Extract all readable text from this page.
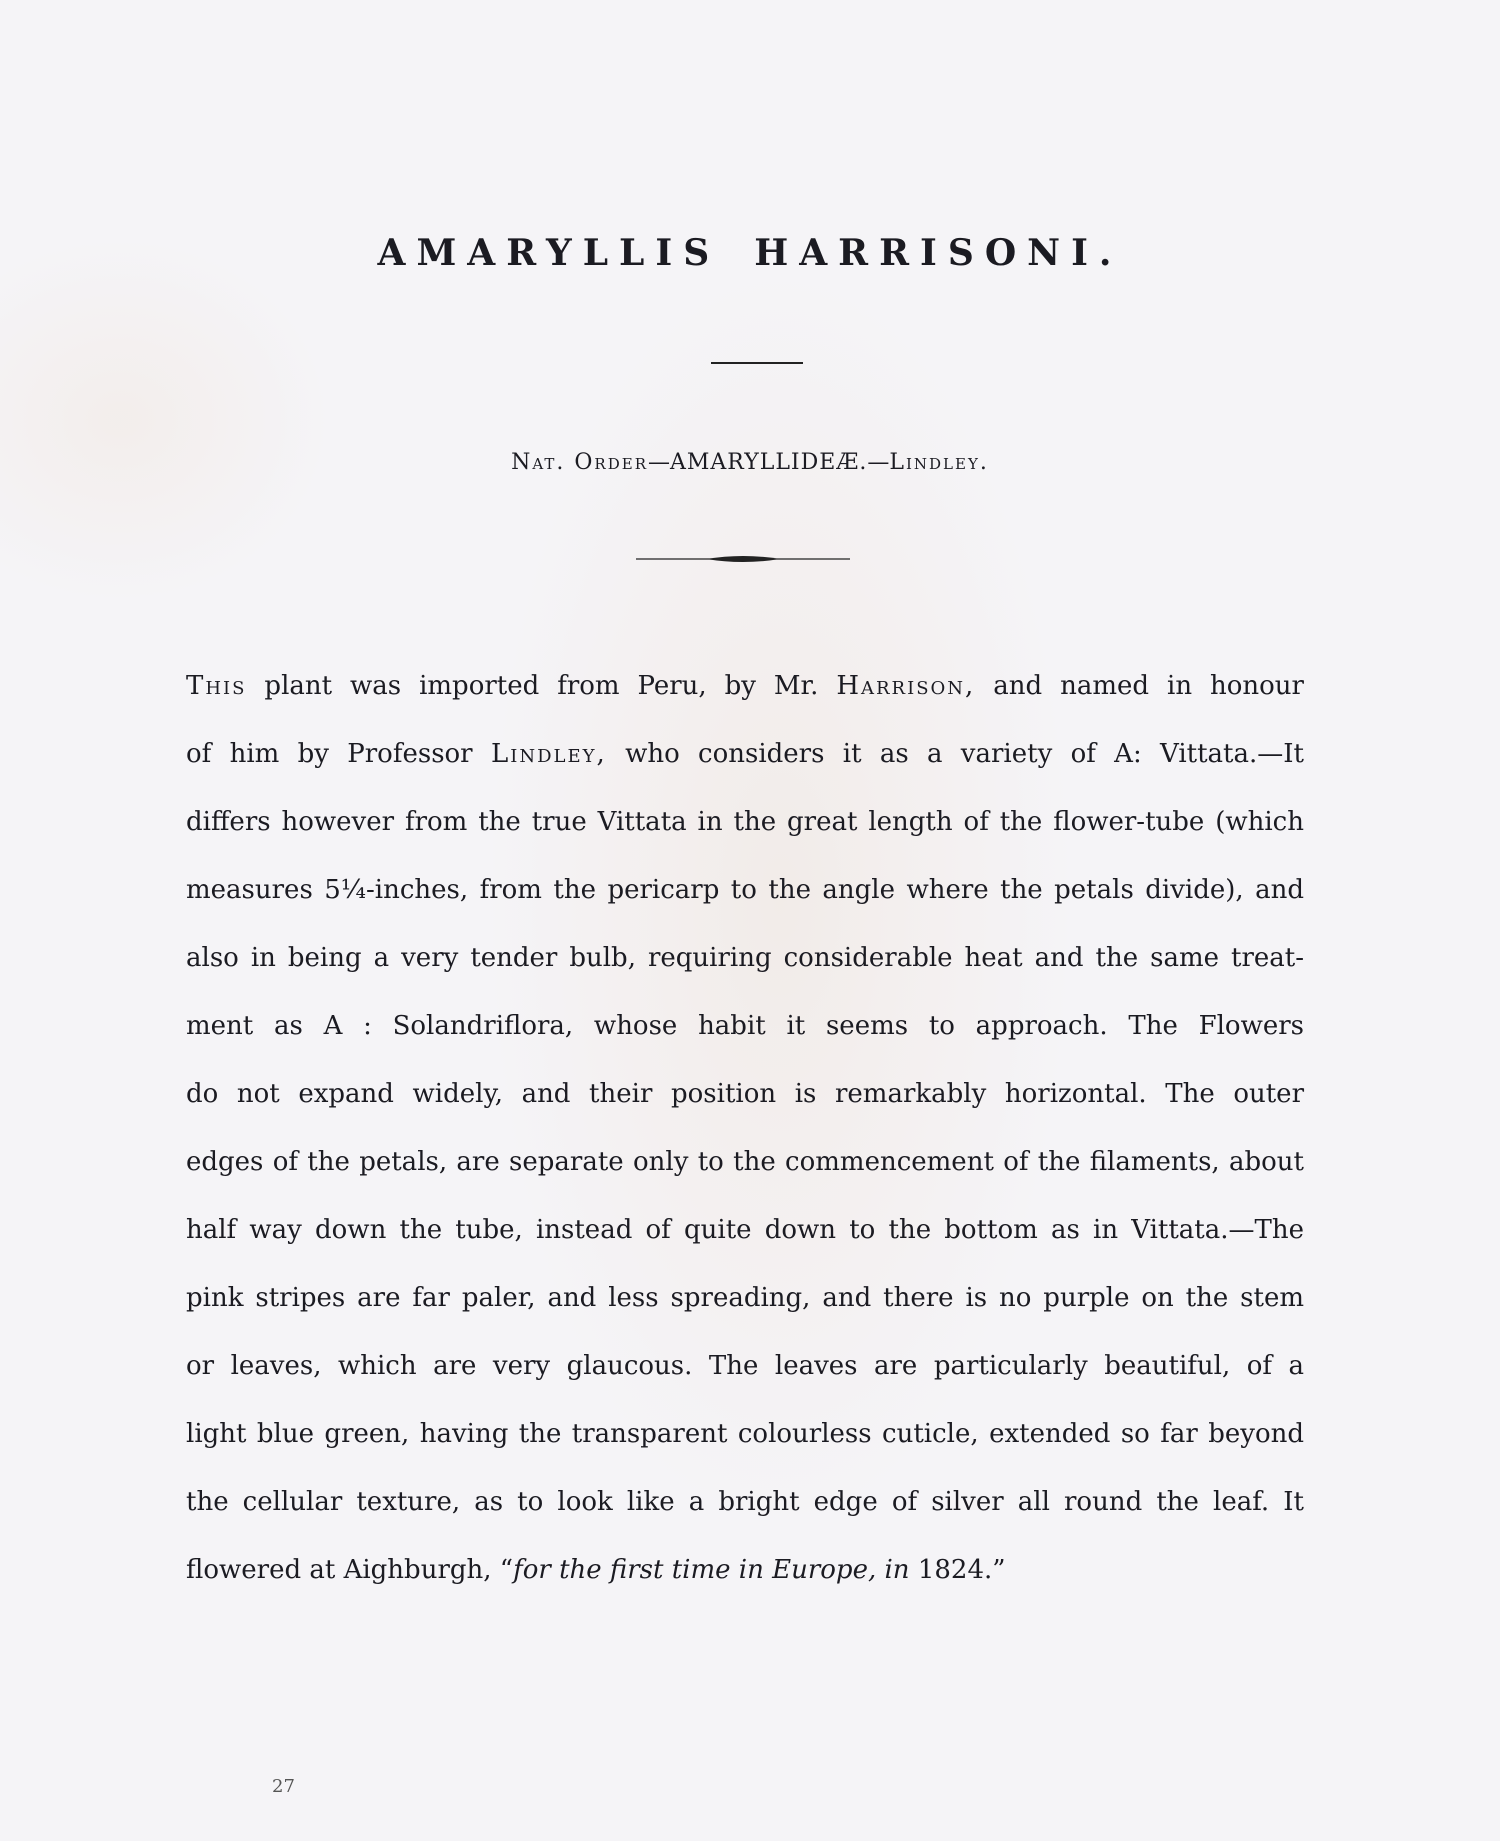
AMARYLLIS HARRISONI.
Nat. Order—AMARYLLIDEÆ.—Lindley.
This plant was imported from Peru, by Mr. Harrison, and named in honour
of him by Professor Lindley, who considers it as a variety of A: Vittata.—It
differs however from the true Vittata in the great length of the flower-tube (which
measures 5¼-inches, from the pericarp to the angle where the petals divide), and
also in being a very tender bulb, requiring considerable heat and the same treat-
ment as A : Solandriflora, whose habit it seems to approach. The Flowers
do not expand widely, and their position is remarkably horizontal. The outer
edges of the petals, are separate only to the commencement of the filaments, about
half way down the tube, instead of quite down to the bottom as in Vittata.—The
pink stripes are far paler, and less spreading, and there is no purple on the stem
or leaves, which are very glaucous. The leaves are particularly beautiful, of a
light blue green, having the transparent colourless cuticle, extended so far beyond
the cellular texture, as to look like a bright edge of silver all round the leaf. It
flowered at Aighburgh, “for the first time in Europe, in 1824.”
27
